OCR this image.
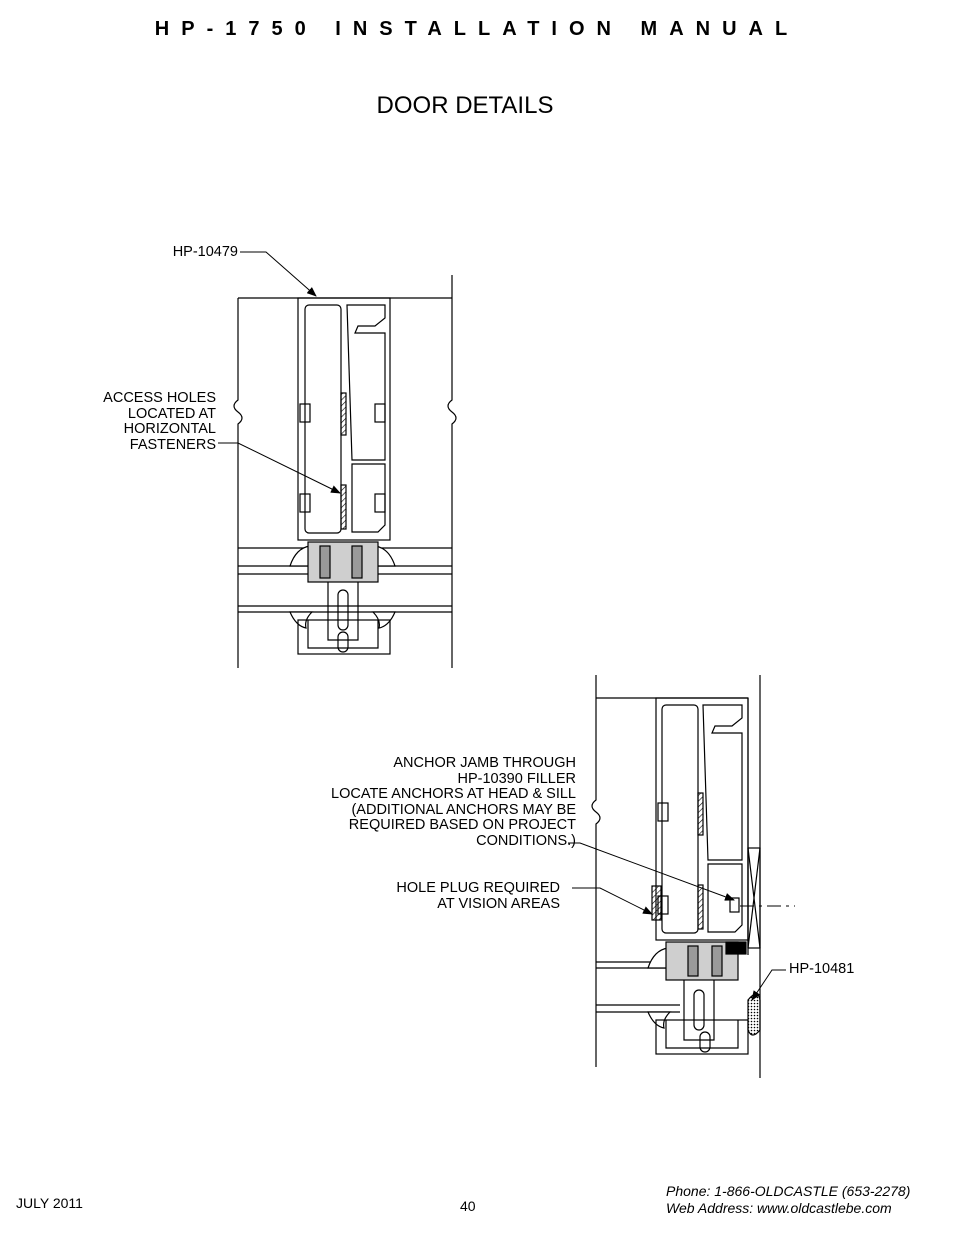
HP-1750 INSTALLATION MANUAL
DOOR DETAILS
HP-10479
ACCESS HOLES
LOCATED AT
HORIZONTAL
FASTENERS
ANCHOR JAMB THROUGH
HP-10390 FILLER
LOCATE ANCHORS AT HEAD & SILL
(ADDITIONAL ANCHORS MAY BE
REQUIRED BASED ON PROJECT
CONDITIONS.)
HOLE PLUG REQUIRED
AT VISION AREAS
HP-10481
JULY 2011	40
Phone: 1-866-OLDCASTLE (653-2278)
Web Address: www.oldcastlebe.com
